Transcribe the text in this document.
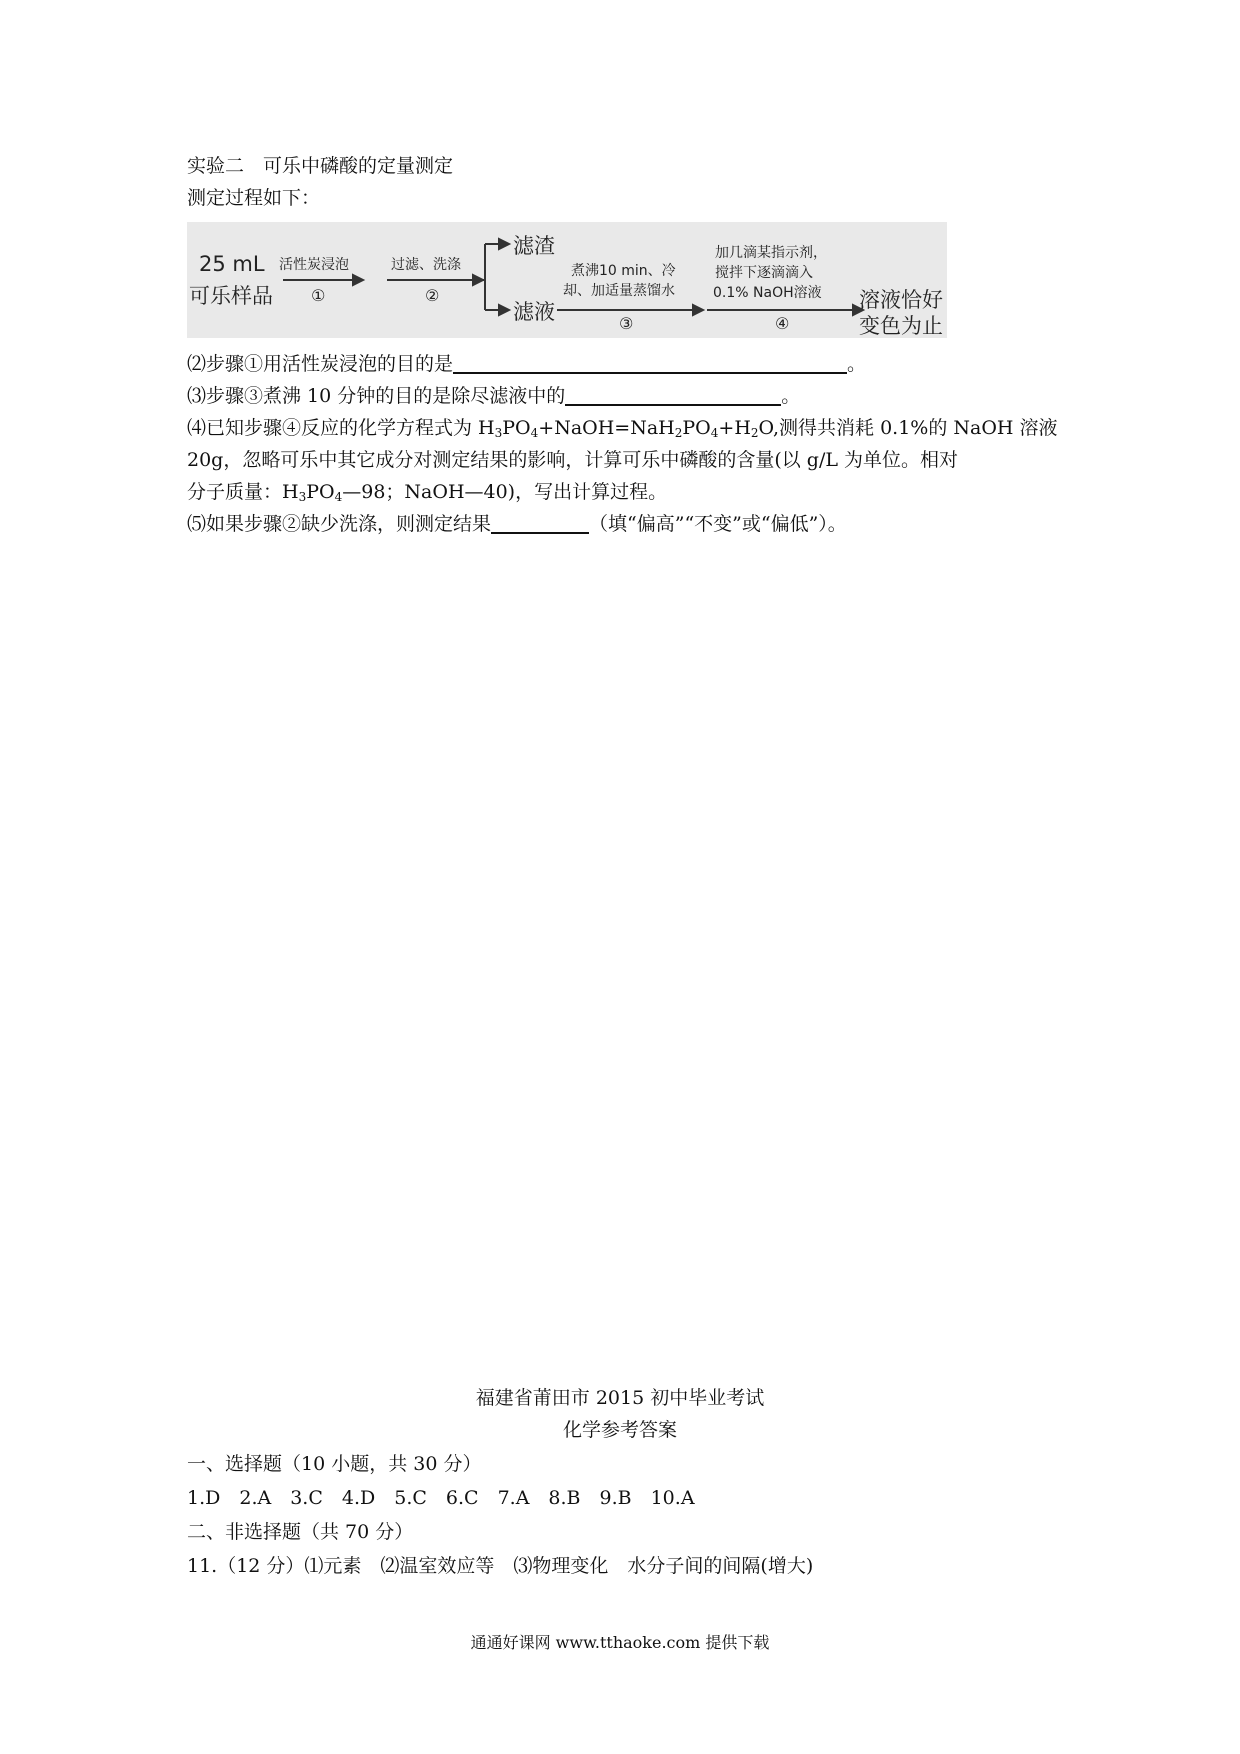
实验二　可乐中磷酸的定量测定
测定过程如下：
25 mL
可乐样品
活性炭浸泡
①
过滤、洗涤
②
滤渣
滤液
煮沸10 min、冷
却、加适量蒸馏水
③
加几滴某指示剂，
搅拌下逐滴滴入
0.1% NaOH溶液
④
溶液恰好
变色为止
⑵步骤①用活性炭浸泡的目的是	。
⑶步骤③煮沸 10 分钟的目的是除尽滤液中的	。
⑷已知步骤④反应的化学方程式为 $H_3PO_4+NaOH=NaH_2PO_4+H_2O$,测得共消耗 0.1%的 NaOH 溶液
20g，忽略可乐中其它成分对测定结果的影响，计算可乐中磷酸的含量(以 g/L 为单位。相对
分子质量：$H_3PO_4—98$；NaOH—40)，写出计算过程。
⑸如果步骤②缺少洗涤，则测定结果	（填“偏高”“不变”或“偏低”）。
福建省莆田市 2015 初中毕业考试
化学参考答案
一、选择题（10 小题，共 30 分）
1.D　2.A　3.C　4.D　5.C　6.C　7.A　8.B　9.B　10.A
二、非选择题（共 70 分）
11.（12 分）⑴元素　⑵温室效应等　⑶物理变化　水分子间的间隔(增大)
通通好课网 www.tthaoke.com 提供下载
